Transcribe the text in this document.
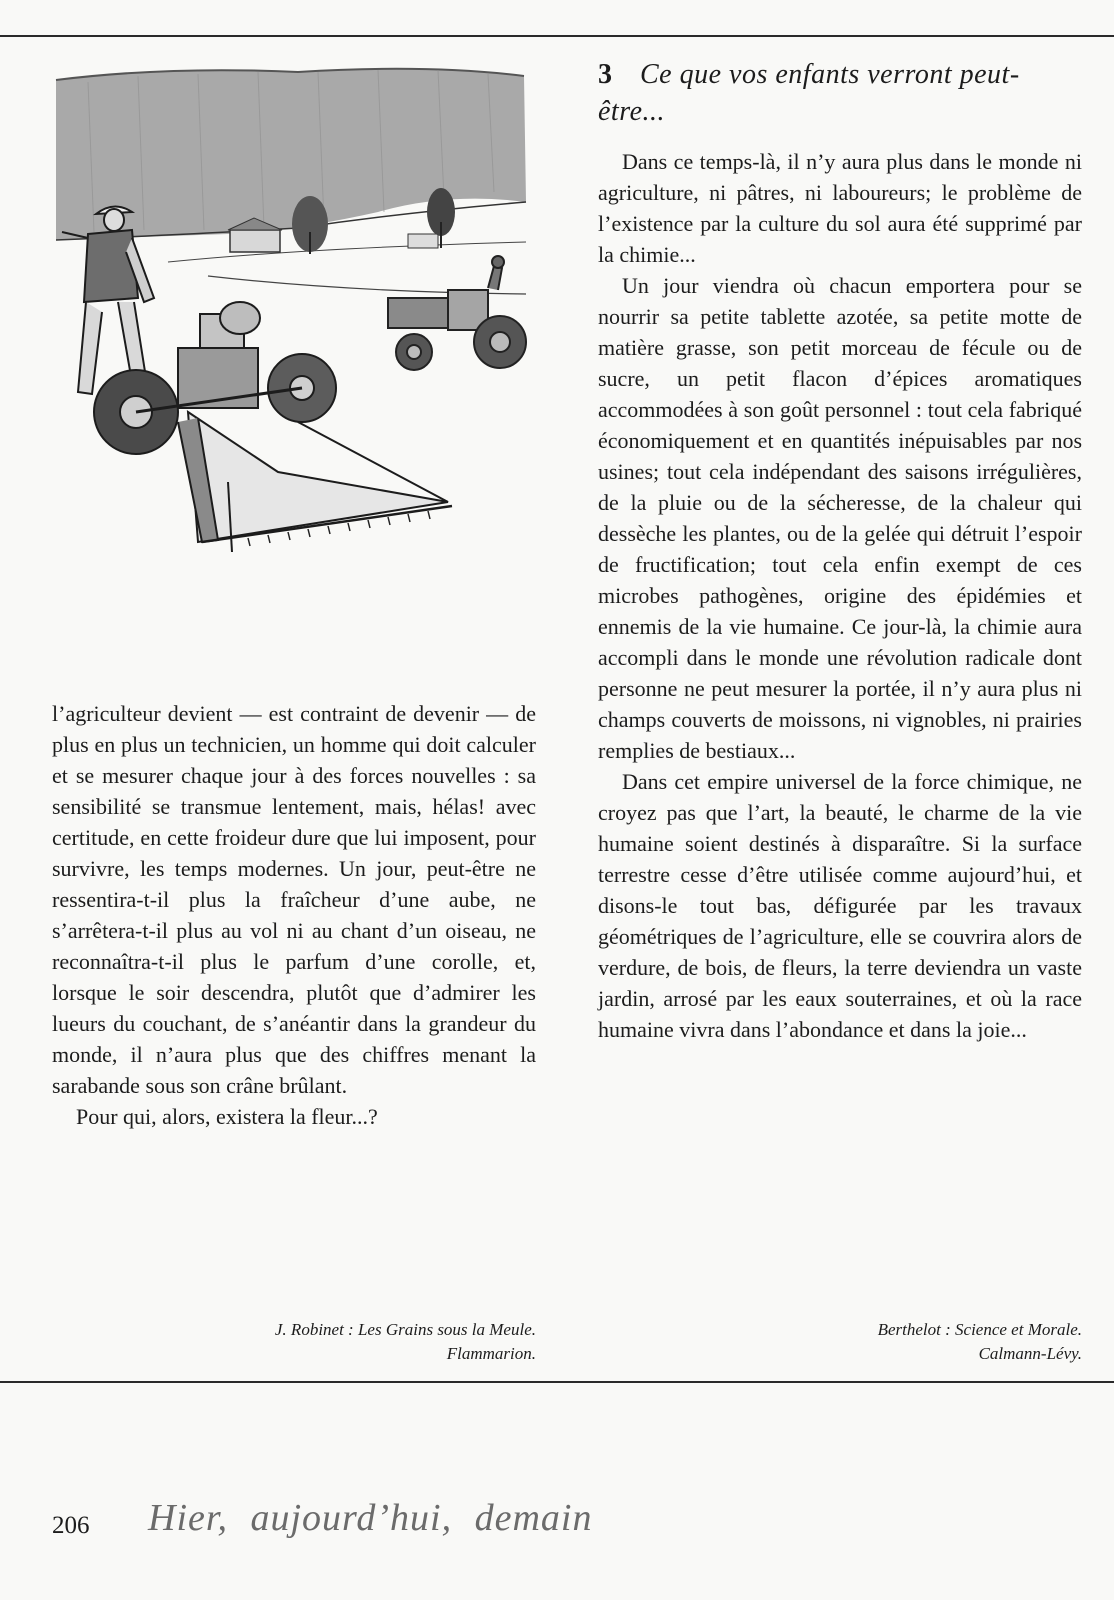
l’agriculteur devient — est contraint de devenir — de plus en plus un technicien, un homme qui doit calculer et se mesurer chaque jour à des forces nouvelles : sa sensibilité se transmue lentement, mais, hélas! avec certitude, en cette froideur dure que lui imposent, pour survivre, les temps modernes. Un jour, peut-être ne ressentira-t-il plus la fraîcheur d’une aube, ne s’arrêtera-t-il plus au vol ni au chant d’un oiseau, ne reconnaîtra-t-il plus le parfum d’une corolle, et, lorsque le soir descendra, plutôt que d’admirer les lueurs du couchant, de s’anéantir dans la grandeur du monde, il n’aura plus que des chiffres menant la sarabande sous son crâne brûlant.

Pour qui, alors, existera la fleur...?

J. Robinet : Les Grains sous la Meule.
Flammarion.
3 Ce que vos enfants verront peut-être...

Dans ce temps-là, il n’y aura plus dans le monde ni agriculture, ni pâtres, ni laboureurs; le problème de l’existence par la culture du sol aura été supprimé par la chimie...

Un jour viendra où chacun emportera pour se nourrir sa petite tablette azotée, sa petite motte de matière grasse, son petit morceau de fécule ou de sucre, un petit flacon d’épices aromatiques accommodées à son goût personnel : tout cela fabriqué économiquement et en quantités inépuisables par nos usines; tout cela indépendant des saisons irrégulières, de la pluie ou de la sécheresse, de la chaleur qui dessèche les plantes, ou de la gelée qui détruit l’espoir de fructification; tout cela enfin exempt de ces microbes pathogènes, origine des épidémies et ennemis de la vie humaine. Ce jour-là, la chimie aura accompli dans le monde une révolution radicale dont personne ne peut mesurer la portée, il n’y aura plus ni champs couverts de moissons, ni vignobles, ni prairies remplies de bestiaux...

Dans cet empire universel de la force chimique, ne croyez pas que l’art, la beauté, le charme de la vie humaine soient destinés à disparaître. Si la surface terrestre cesse d’être utilisée comme aujourd’hui, et disons-le tout bas, défigurée par les travaux géométriques de l’agriculture, elle se couvrira alors de verdure, de bois, de fleurs, la terre deviendra un vaste jardin, arrosé par les eaux souterraines, et où la race humaine vivra dans l’abondance et dans la joie...

Berthelot : Science et Morale.
Calmann-Lévy.
206 Hier, aujourd’hui, demain
